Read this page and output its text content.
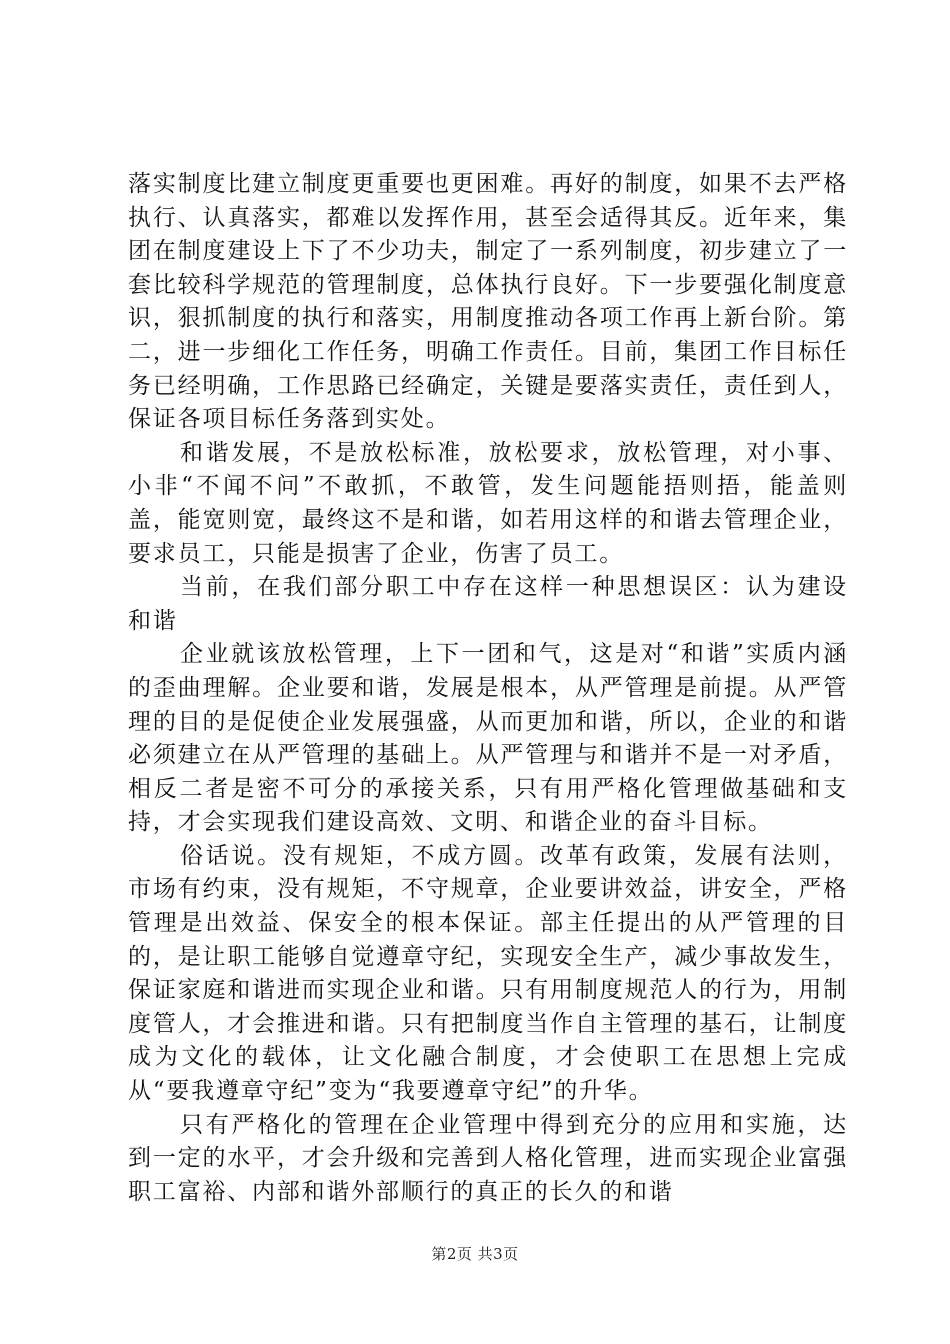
落实制度比建立制度更重要也更困难。再好的制度，如果不去严格执行、认真落实，都难以发挥作用，甚至会适得其反。近年来，集团在制度建设上下了不少功夫，制定了一系列制度，初步建立了一套比较科学规范的管理制度，总体执行良好。下一步要强化制度意识，狠抓制度的执行和落实，用制度推动各项工作再上新台阶。第二，进一步细化工作任务，明确工作责任。目前，集团工作目标任务已经明确，工作思路已经确定，关键是要落实责任，责任到人，保证各项目标任务落到实处。

和谐发展，不是放松标准，放松要求，放松管理，对小事、小非“不闻不问”不敢抓，不敢管，发生问题能捂则捂，能盖则盖，能宽则宽，最终这不是和谐，如若用这样的和谐去管理企业，要求员工，只能是损害了企业，伤害了员工。

当前，在我们部分职工中存在这样一种思想误区：认为建设和谐

企业就该放松管理，上下一团和气，这是对“和谐”实质内涵的歪曲理解。企业要和谐，发展是根本，从严管理是前提。从严管理的目的是促使企业发展强盛，从而更加和谐，所以，企业的和谐必须建立在从严管理的基础上。从严管理与和谐并不是一对矛盾，相反二者是密不可分的承接关系，只有用严格化管理做基础和支持，才会实现我们建设高效、文明、和谐企业的奋斗目标。

俗话说。没有规矩，不成方圆。改革有政策，发展有法则，市场有约束，没有规矩，不守规章，企业要讲效益，讲安全，严格管理是出效益、保安全的根本保证。部主任提出的从严管理的目的，是让职工能够自觉遵章守纪，实现安全生产，减少事故发生，保证家庭和谐进而实现企业和谐。只有用制度规范人的行为，用制度管人，才会推进和谐。只有把制度当作自主管理的基石，让制度成为文化的载体，让文化融合制度，才会使职工在思想上完成从“要我遵章守纪”变为“我要遵章守纪”的升华。

只有严格化的管理在企业管理中得到充分的应用和实施，达到一定的水平，才会升级和完善到人格化管理，进而实现企业富强职工富裕、内部和谐外部顺行的真正的长久的和谐

第2页 共3页
